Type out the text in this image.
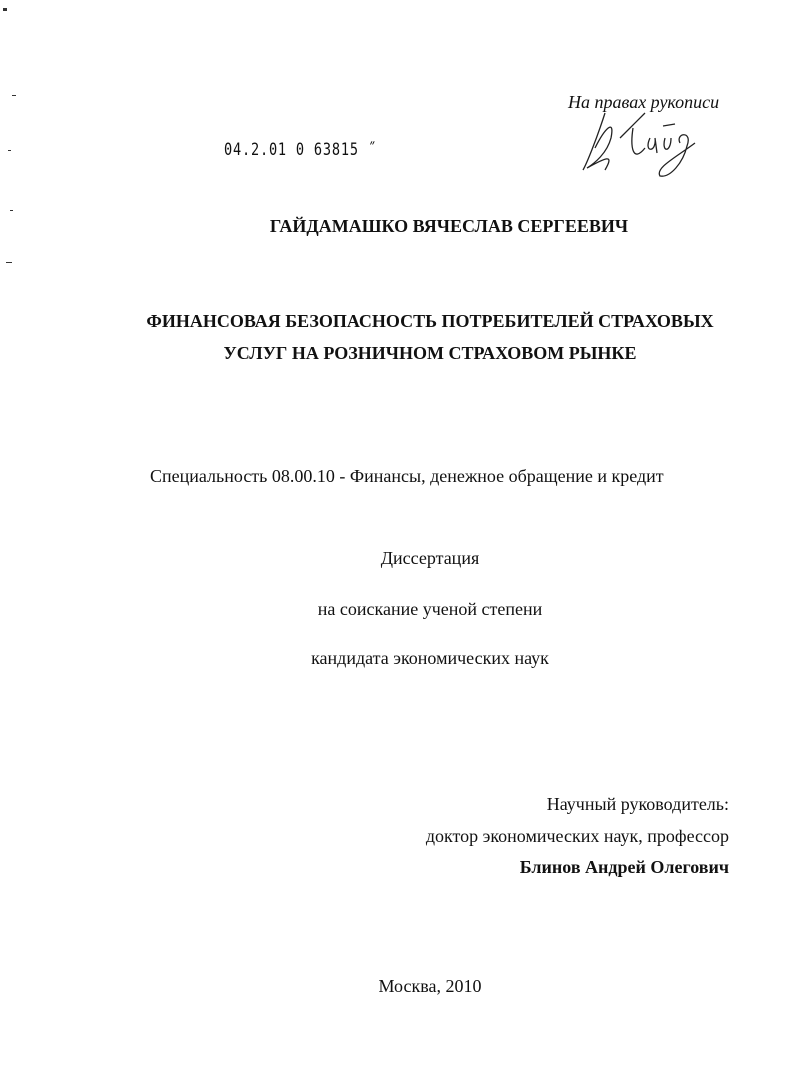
На правах рукописи
04.2.01 0 63815 ˝
ГАЙДАМАШКО ВЯЧЕСЛАВ СЕРГЕЕВИЧ
ФИНАНСОВАЯ БЕЗОПАСНОСТЬ ПОТРЕБИТЕЛЕЙ СТРАХОВЫХ
УСЛУГ НА РОЗНИЧНОМ СТРАХОВОМ РЫНКЕ
Специальность 08.00.10 - Финансы, денежное обращение и кредит
Диссертация
на соискание ученой степени
кандидата экономических наук
Научный руководитель:
доктор экономических наук, профессор
Блинов Андрей Олегович
Москва, 2010
